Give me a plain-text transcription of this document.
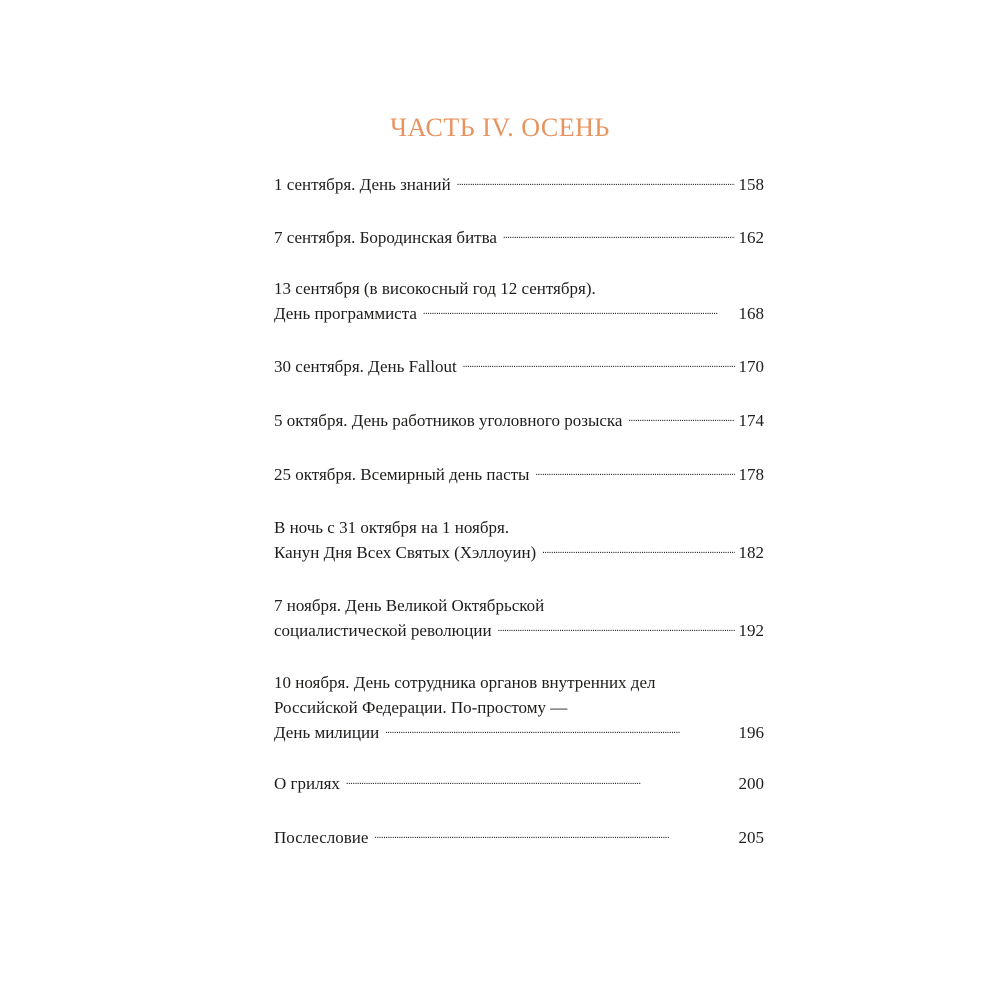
ЧАСТЬ IV. ОСЕНЬ
1 сентября. День знаний . . .	158
7 сентября. Бородинская битва . . .	162
13 сентября (в високосный год 12 сентября).
День программиста . . .	168
30 сентября. День Fallout . . .	170
5 октября. День работников уголовного розыска . . .	174
25 октября. Всемирный день пасты . . .	178
В ночь с 31 октября на 1 ноября.
Канун Дня Всех Святых (Хэллоуин) . . .	182
7 ноября. День Великой Октябрьской
социалистической революции . . .	192
10 ноября. День сотрудника органов внутренних дел
Российской Федерации. По-простому —
День милиции . . .	196
О грилях . . .	200
Послесловие . . .	205
